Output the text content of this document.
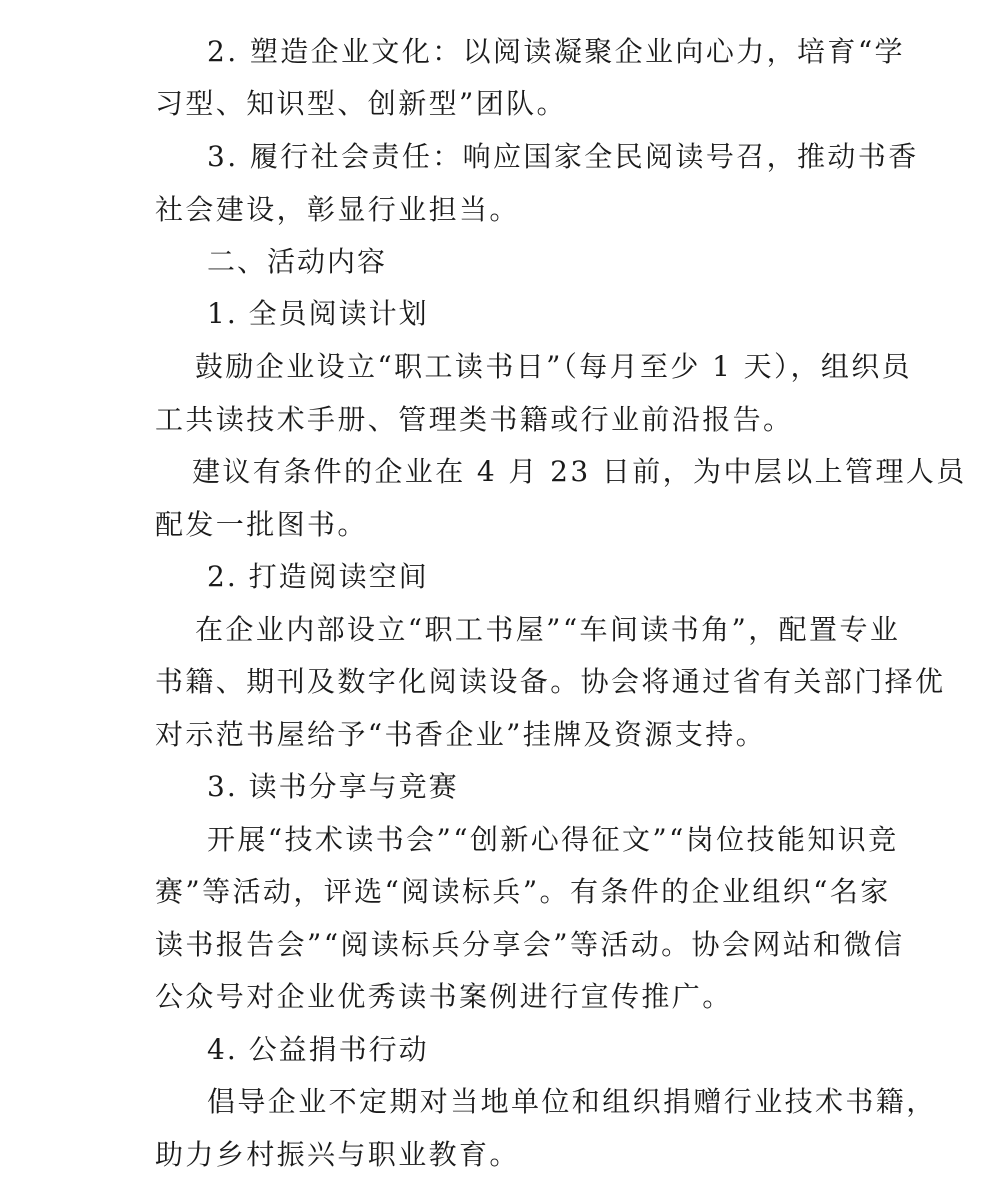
2. 塑造企业文化：以阅读凝聚企业向心力，培育“学
习型、知识型、创新型”团队。
3. 履行社会责任：响应国家全民阅读号召，推动书香
社会建设，彰显行业担当。
二、活动内容
1. 全员阅读计划
鼓励企业设立“职工读书日”（每月至少 1 天），组织员
工共读技术手册、管理类书籍或行业前沿报告。
建议有条件的企业在 4 月 23 日前，为中层以上管理人员
配发一批图书。
2. 打造阅读空间
在企业内部设立“职工书屋”“车间读书角”，配置专业
书籍、期刊及数字化阅读设备。协会将通过省有关部门择优
对示范书屋给予“书香企业”挂牌及资源支持。
3. 读书分享与竞赛
开展“技术读书会”“创新心得征文”“岗位技能知识竞
赛”等活动，评选“阅读标兵”。有条件的企业组织“名家
读书报告会”“阅读标兵分享会”等活动。协会网站和微信
公众号对企业优秀读书案例进行宣传推广。
4. 公益捐书行动
倡导企业不定期对当地单位和组织捐赠行业技术书籍，
助力乡村振兴与职业教育。
